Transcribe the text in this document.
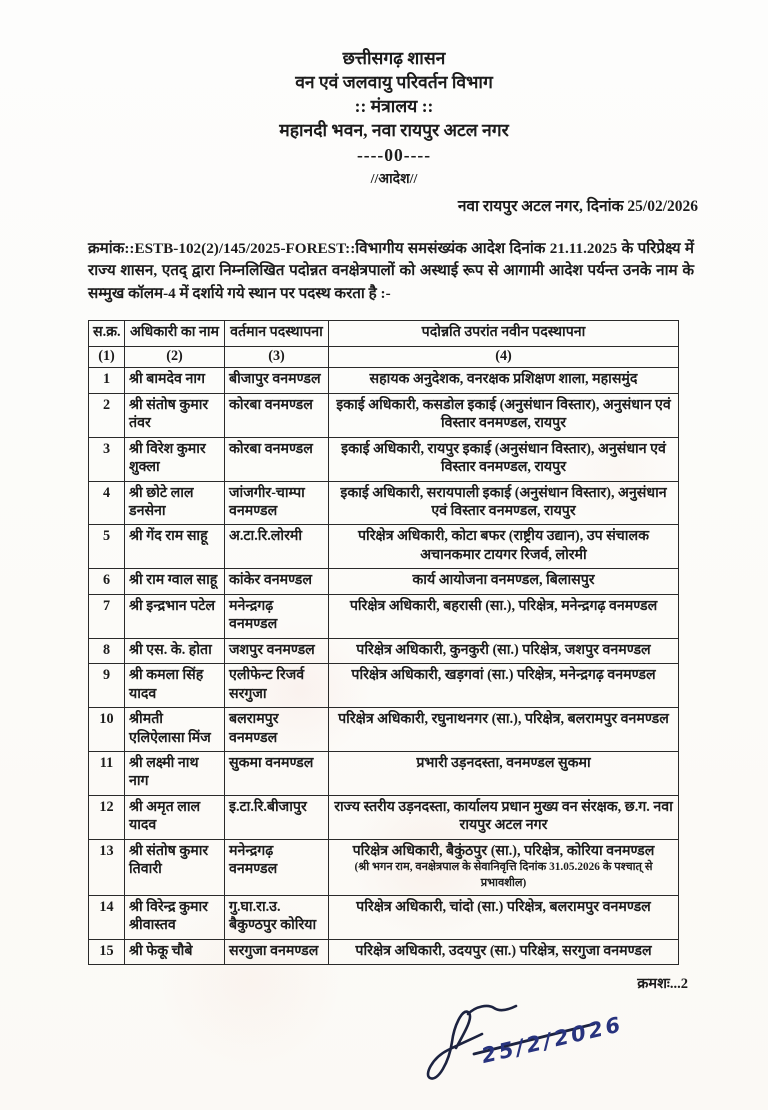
छत्तीसगढ़ शासन
वन एवं जलवायु परिवर्तन विभाग
:: मंत्रालय ::
महानदी भवन, नवा रायपुर अटल नगर
----00----
//आदेश//
नवा रायपुर अटल नगर, दिनांक 25/02/2026

क्रमांक::ESTB-102(2)/145/2025-FOREST::विभागीय समसंख्यंक आदेश दिनांक 21.11.2025 के परिप्रेक्ष्य में राज्य शासन, एतद् द्वारा निम्नलिखित पदोन्नत वनक्षेत्रपालों को अस्थाई रूप से आगामी आदेश पर्यन्त उनके नाम के सम्मुख कॉलम-4 में दर्शाये गये स्थान पर पदस्थ करता है :-

स.क्र.	अधिकारी का नाम	वर्तमान पदस्थापना	पदोन्नति उपरांत नवीन पदस्थापना
(1)	(2)	(3)	(4)
1	श्री बामदेव नाग	बीजापुर वनमण्डल	सहायक अनुदेशक, वनरक्षक प्रशिक्षण शाला, महासमुंद
2	श्री संतोष कुमार तंवर	कोरबा वनमण्डल	इकाई अधिकारी, कसडोल इकाई (अनुसंधान विस्तार), अनुसंधान एवं विस्तार वनमण्डल, रायपुर
3	श्री विरेश कुमार शुक्ला	कोरबा वनमण्डल	इकाई अधिकारी, रायपुर इकाई (अनुसंधान विस्तार), अनुसंधान एवं विस्तार वनमण्डल, रायपुर
4	श्री छोटे लाल डनसेना	जांजगीर-चाम्पा वनमण्डल	इकाई अधिकारी, सरायपाली इकाई (अनुसंधान विस्तार), अनुसंधान एवं विस्तार वनमण्डल, रायपुर
5	श्री गेंद राम साहू	अ.टा.रि.लोरमी	परिक्षेत्र अधिकारी, कोटा बफर (राष्ट्रीय उद्यान), उप संचालक अचानकमार टायगर रिजर्व, लोरमी
6	श्री राम ग्वाल साहू	कांकेर वनमण्डल	कार्य आयोजना वनमण्डल, बिलासपुर
7	श्री इन्द्रभान पटेल	मनेन्द्रगढ़ वनमण्डल	परिक्षेत्र अधिकारी, बहरासी (सा.), परिक्षेत्र, मनेन्द्रगढ़ वनमण्डल
8	श्री एस. के. होता	जशपुर वनमण्डल	परिक्षेत्र अधिकारी, कुनकुरी (सा.) परिक्षेत्र, जशपुर वनमण्डल
9	श्री कमला सिंह यादव	एलीफेन्ट रिजर्व सरगुजा	परिक्षेत्र अधिकारी, खड़गवां (सा.) परिक्षेत्र, मनेन्द्रगढ़ वनमण्डल
10	श्रीमती एलिऐलासा मिंज	बलरामपुर वनमण्डल	परिक्षेत्र अधिकारी, रघुनाथनगर (सा.), परिक्षेत्र, बलरामपुर वनमण्डल
11	श्री लक्ष्मी नाथ नाग	सुकमा वनमण्डल	प्रभारी उड़नदस्ता, वनमण्डल सुकमा
12	श्री अमृत लाल यादव	इ.टा.रि.बीजापुर	राज्य स्तरीय उड़नदस्ता, कार्यालय प्रधान मुख्य वन संरक्षक, छ.ग. नवा रायपुर अटल नगर
13	श्री संतोष कुमार तिवारी	मनेन्द्रगढ़ वनमण्डल	परिक्षेत्र अधिकारी, बैकुंठपुर (सा.), परिक्षेत्र, कोरिया वनमण्डल
(श्री भगन राम, वनक्षेत्रपाल के सेवानिवृत्ति दिनांक 31.05.2026 के पश्चात् से प्रभावशील)

14	श्री विरेन्द्र कुमार श्रीवास्तव	गु.घा.रा.उ. बैकुण्ठपुर कोरिया	परिक्षेत्र अधिकारी, चांदो (सा.) परिक्षेत्र, बलरामपुर वनमण्डल
15	श्री फेकू चौबे	सरगुजा वनमण्डल	परिक्षेत्र अधिकारी, उदयपुर (सा.) परिक्षेत्र, सरगुजा वनमण्डल
क्रमशः...2
25/2/2026
